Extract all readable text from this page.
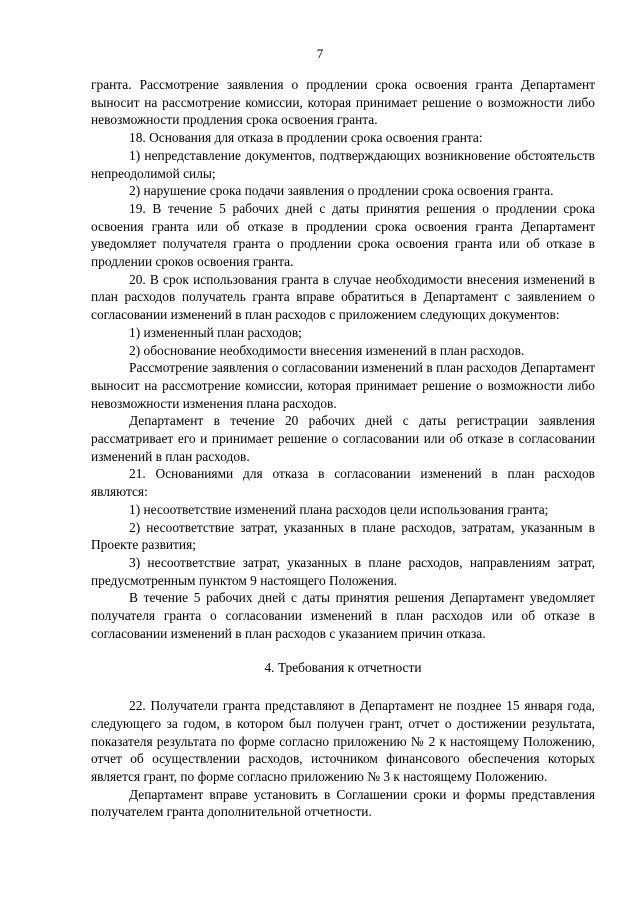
7

гранта. Рассмотрение заявления о продлении срока освоения гранта Департамент выносит на рассмотрение комиссии, которая принимает решение о возможности либо невозможности продления срока освоения гранта.

18. Основания для отказа в продлении срока освоения гранта:

1) непредставление документов, подтверждающих возникновение обстоятельств непреодолимой силы;

2) нарушение срока подачи заявления о продлении срока освоения гранта.

19. В течение 5 рабочих дней с даты принятия решения о продлении срока освоения гранта или об отказе в продлении срока освоения гранта Департамент уведомляет получателя гранта о продлении срока освоения гранта или об отказе в продлении сроков освоения гранта.

20. В срок использования гранта в случае необходимости внесения изменений в план расходов получатель гранта вправе обратиться в Департамент с заявлением о согласовании изменений в план расходов с приложением следующих документов:

1) измененный план расходов;

2) обоснование необходимости внесения изменений в план расходов.

Рассмотрение заявления о согласовании изменений в план расходов Департамент выносит на рассмотрение комиссии, которая принимает решение о возможности либо невозможности изменения плана расходов.

Департамент в течение 20 рабочих дней с даты регистрации заявления рассматривает его и принимает решение о согласовании или об отказе в согласовании изменений в план расходов.

21. Основаниями для отказа в согласовании изменений в план расходов являются:

1) несоответствие изменений плана расходов цели использования гранта;

2) несоответствие затрат, указанных в плане расходов, затратам, указанным в Проекте развития;

3) несоответствие затрат, указанных в плане расходов, направлениям затрат, предусмотренным пунктом 9 настоящего Положения.

В течение 5 рабочих дней с даты принятия решения Департамент уведомляет получателя гранта о согласовании изменений в план расходов или об отказе в согласовании изменений в план расходов с указанием причин отказа.

4. Требования к отчетности

22. Получатели гранта представляют в Департамент не позднее 15 января года, следующего за годом, в котором был получен грант, отчет о достижении результата, показателя результата по форме согласно приложению № 2 к настоящему Положению, отчет об осуществлении расходов, источником финансового обеспечения которых является грант, по форме согласно приложению № 3 к настоящему Положению.

Департамент вправе установить в Соглашении сроки и формы представления получателем гранта дополнительной отчетности.
